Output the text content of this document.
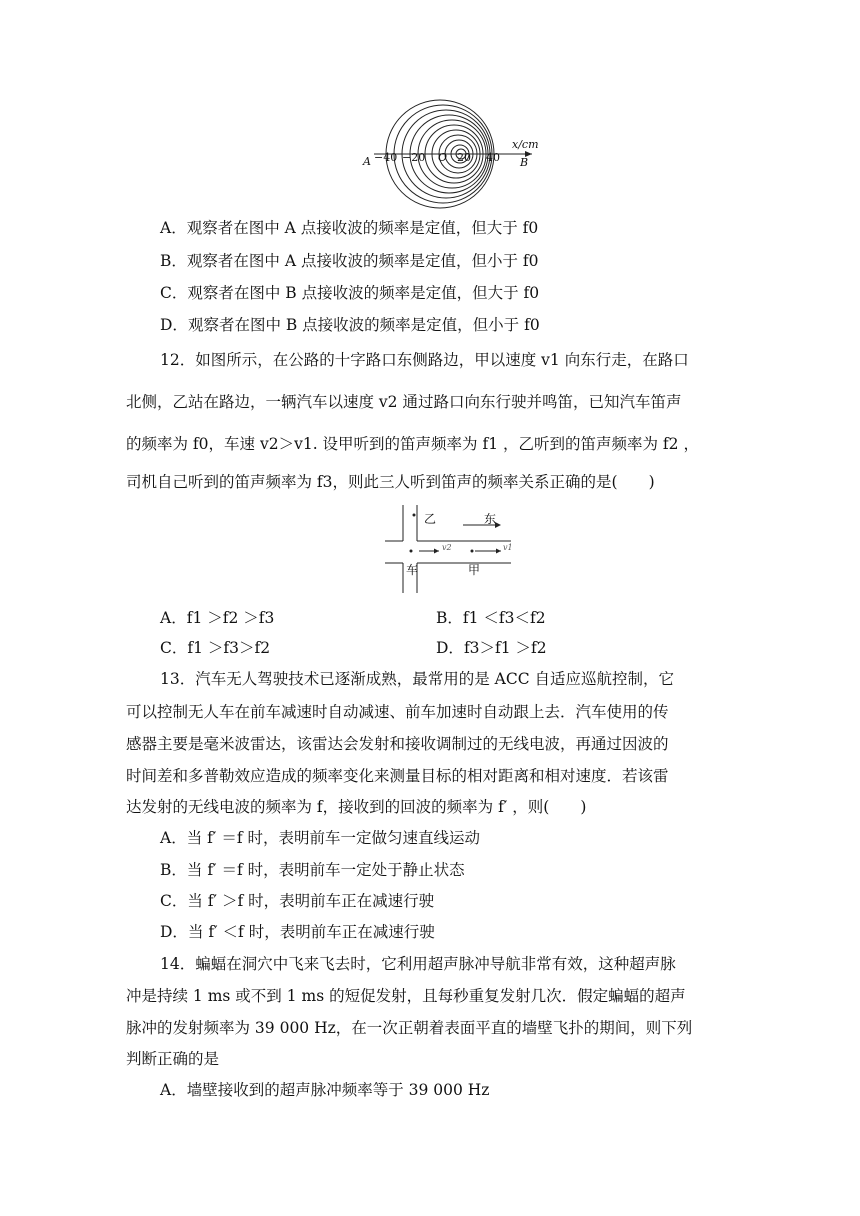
A −40 −20 O 20 40 B
x/cm
A．观察者在图中 A 点接收波的频率是定值，但大于 f0
B．观察者在图中 A 点接收波的频率是定值，但小于 f0
C．观察者在图中 B 点接收波的频率是定值，但大于 f0
D．观察者在图中 B 点接收波的频率是定值，但小于 f0
12．如图所示，在公路的十字路口东侧路边，甲以速度 v1 向东行走，在路口
北侧，乙站在路边，一辆汽车以速度 v2 通过路口向东行驶并鸣笛，已知汽车笛声
的频率为 f0，车速 v2＞v1. 设甲听到的笛声频率为 f1 ，乙听到的笛声频率为 f2 ，
司机自己听到的笛声频率为 f3，则此三人听到笛声的频率关系正确的是(　　)
乙	东
v2	v1
车	甲
A．f1 ＞f2 ＞f3	B．f1 ＜f3＜f2
C．f1 ＞f3＞f2	D．f3＞f1 ＞f2
13．汽车无人驾驶技术已逐渐成熟，最常用的是 ACC 自适应巡航控制，它
可以控制无人车在前车减速时自动减速、前车加速时自动跟上去．汽车使用的传
感器主要是毫米波雷达，该雷达会发射和接收调制过的无线电波，再通过因波的
时间差和多普勒效应造成的频率变化来测量目标的相对距离和相对速度．若该雷
达发射的无线电波的频率为 f，接收到的回波的频率为 f′ ，则(　　)
A．当 f′ ＝f 时，表明前车一定做匀速直线运动
B．当 f′ ＝f 时，表明前车一定处于静止状态
C．当 f′ ＞f 时，表明前车正在减速行驶
D．当 f′ ＜f 时，表明前车正在减速行驶
14．蝙蝠在洞穴中飞来飞去时，它利用超声脉冲导航非常有效，这种超声脉
冲是持续 1 ms 或不到 1 ms 的短促发射，且每秒重复发射几次．假定蝙蝠的超声
脉冲的发射频率为 39 000 Hz，在一次正朝着表面平直的墙壁飞扑的期间，则下列
判断正确的是
A．墙壁接收到的超声脉冲频率等于 39 000 Hz
